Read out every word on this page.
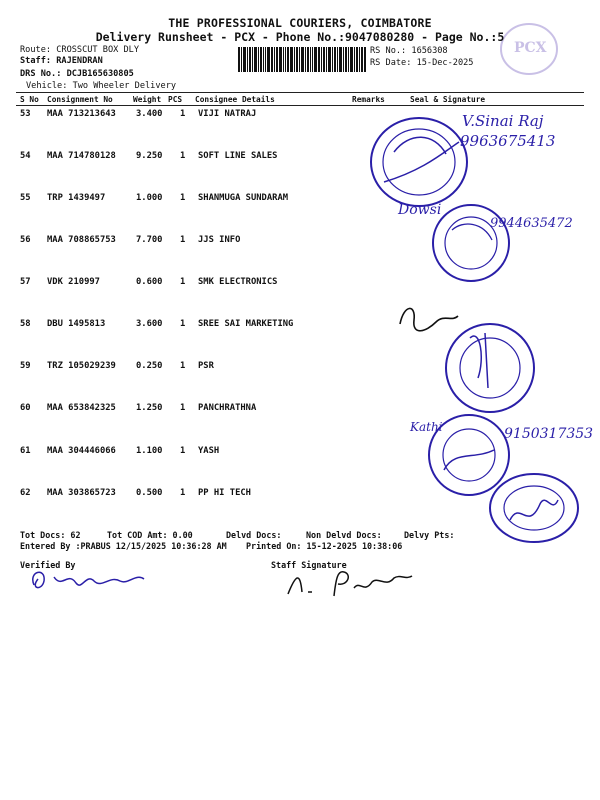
PCX
THE PROFESSIONAL COURIERS, COIMBATORE
Delivery Runsheet - PCX - Phone No.:9047080280 - Page No.:5
Route: CROSSCUT BOX DLY
Staff: RAJENDRAN
DRS No.: DCJB165630805
Vehicle: Two Wheeler Delivery
RS No.: 1656308
RS Date: 15-Dec-2025
S No Consignment No	Weight PCS Consignee Details	Remarks	Seal & Signature
53 MAA 713213643 3.400 1 VIJI NATRAJ
54 MAA 714780128 9.250 1 SOFT LINE SALES
55 TRP 1439497	1.000 1 SHANMUGA SUNDARAM
56 MAA 708865753 7.700 1 JJS INFO
57 VDK 210997	0.600 1 SMK ELECTRONICS
58 DBU 1495813	3.600 1 SREE SAI MARKETING
59 TRZ 105029239 0.250 1 PSR
60 MAA 653842325 1.250 1 PANCHRATHNA
61 MAA 304446066 1.100 1 YASH
62 MAA 303865723 0.500 1 PP HI TECH
V.Sinai Raj
9963675413
Dowsi
9944635472
Kathi	9150317353
Tot Docs: 62	Tot COD Amt: 0.00	Delvd Docs:	Non Delvd Docs:	Delvy Pts:
Entered By :PRABUS 12/15/2025 10:36:28 AM Printed On: 15-12-2025 10:38:06
Verified By	Staff Signature
